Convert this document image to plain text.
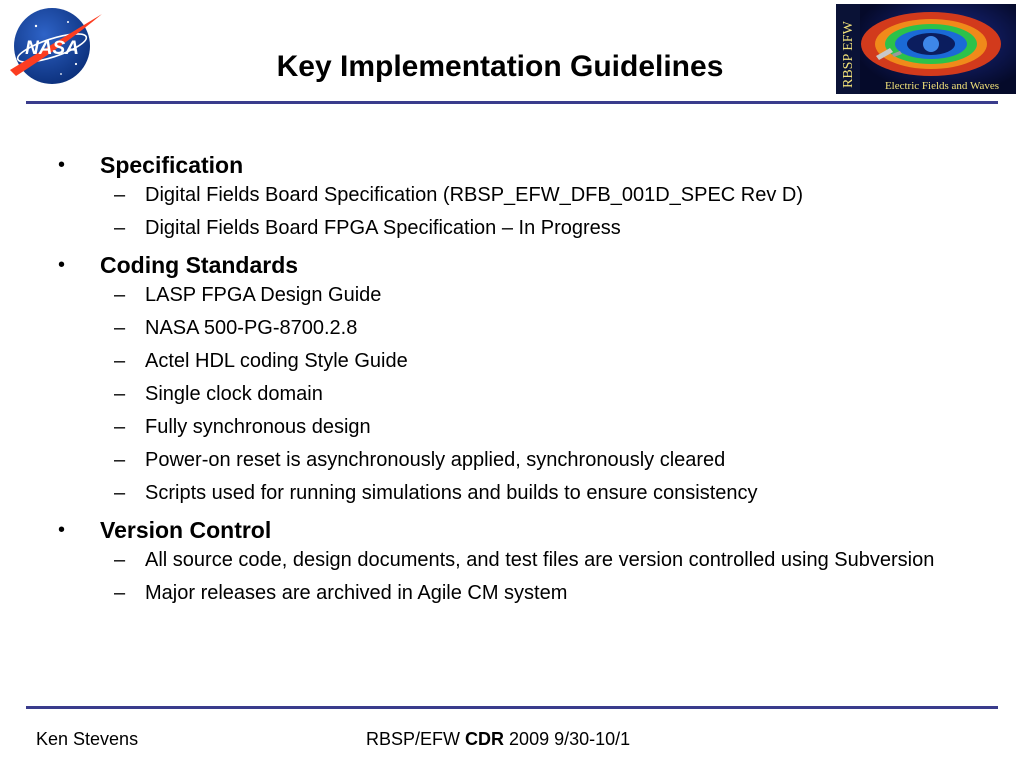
NASA	RBSP EFW	Electric Fields and Waves
Key Implementation Guidelines
• Specification
– Digital Fields Board Specification (RBSP_EFW_DFB_001D_SPEC Rev D)
– Digital Fields Board FPGA Specification – In Progress
• Coding Standards
– LASP FPGA Design Guide
– NASA 500-PG-8700.2.8
– Actel HDL coding Style Guide
– Single clock domain
– Fully synchronous design
– Power-on reset is asynchronously applied, synchronously cleared
– Scripts used for running simulations and builds to ensure consistency
• Version Control
– All source code, design documents, and test files are version controlled using Subversion
– Major releases are archived in Agile CM system
Ken Stevens	RBSP/EFW CDR 2009 9/30-10/1
